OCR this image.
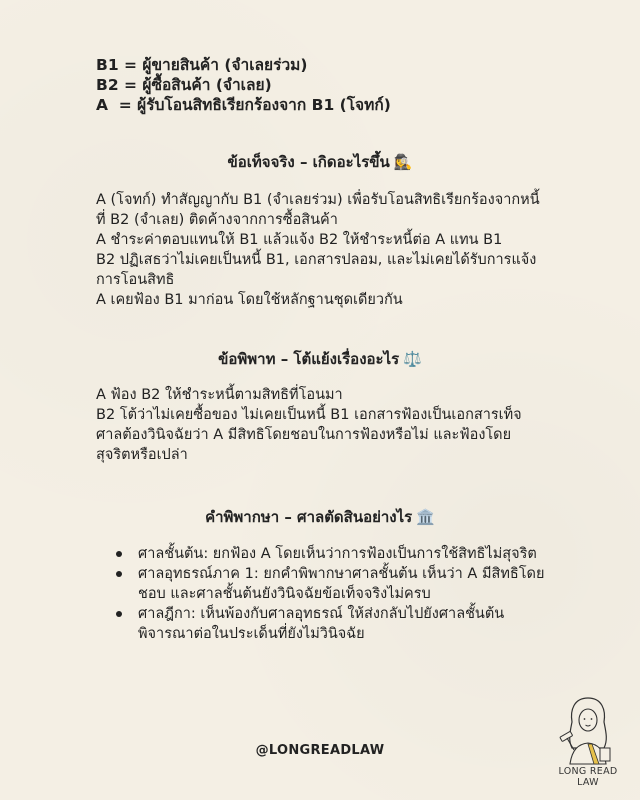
B1 = ผู้ขายสินค้า (จำเลยร่วม)
B2 = ผู้ซื้อสินค้า (จำเลย)
A  = ผู้รับโอนสิทธิเรียกร้องจาก B1 (โจทก์)
ข้อเท็จจริง – เกิดอะไรขึ้น 🕵️‍♀️
A (โจทก์) ทำสัญญากับ B1 (จำเลยร่วม) เพื่อรับโอนสิทธิเรียกร้องจากหนี้
ที่ B2 (จำเลย) ติดค้างจากการซื้อสินค้า
A ชำระค่าตอบแทนให้ B1 แล้วแจ้ง B2 ให้ชำระหนี้ต่อ A แทน B1
B2 ปฏิเสธว่าไม่เคยเป็นหนี้ B1, เอกสารปลอม, และไม่เคยได้รับการแจ้ง
การโอนสิทธิ
A เคยฟ้อง B1 มาก่อน โดยใช้หลักฐานชุดเดียวกัน
ข้อพิพาท – โต้แย้งเรื่องอะไร ⚖️
A ฟ้อง B2 ให้ชำระหนี้ตามสิทธิที่โอนมา
B2 โต้ว่าไม่เคยซื้อของ ไม่เคยเป็นหนี้ B1 เอกสารฟ้องเป็นเอกสารเท็จ
ศาลต้องวินิจฉัยว่า A มีสิทธิโดยชอบในการฟ้องหรือไม่ และฟ้องโดย
สุจริตหรือเปล่า
คำพิพากษา – ศาลตัดสินอย่างไร 🏛️
ศาลชั้นต้น: ยกฟ้อง A โดยเห็นว่าการฟ้องเป็นการใช้สิทธิไม่สุจริต
ศาลอุทธรณ์ภาค 1: ยกคำพิพากษาศาลชั้นต้น เห็นว่า A มีสิทธิโดย
ชอบ และศาลชั้นต้นยังวินิจฉัยข้อเท็จจริงไม่ครบ
ศาลฎีกา: เห็นพ้องกับศาลอุทธรณ์ ให้ส่งกลับไปยังศาลชั้นต้น
พิจารณาต่อในประเด็นที่ยังไม่วินิจฉัย
@LONGREADLAW
LONG READ
LAW
